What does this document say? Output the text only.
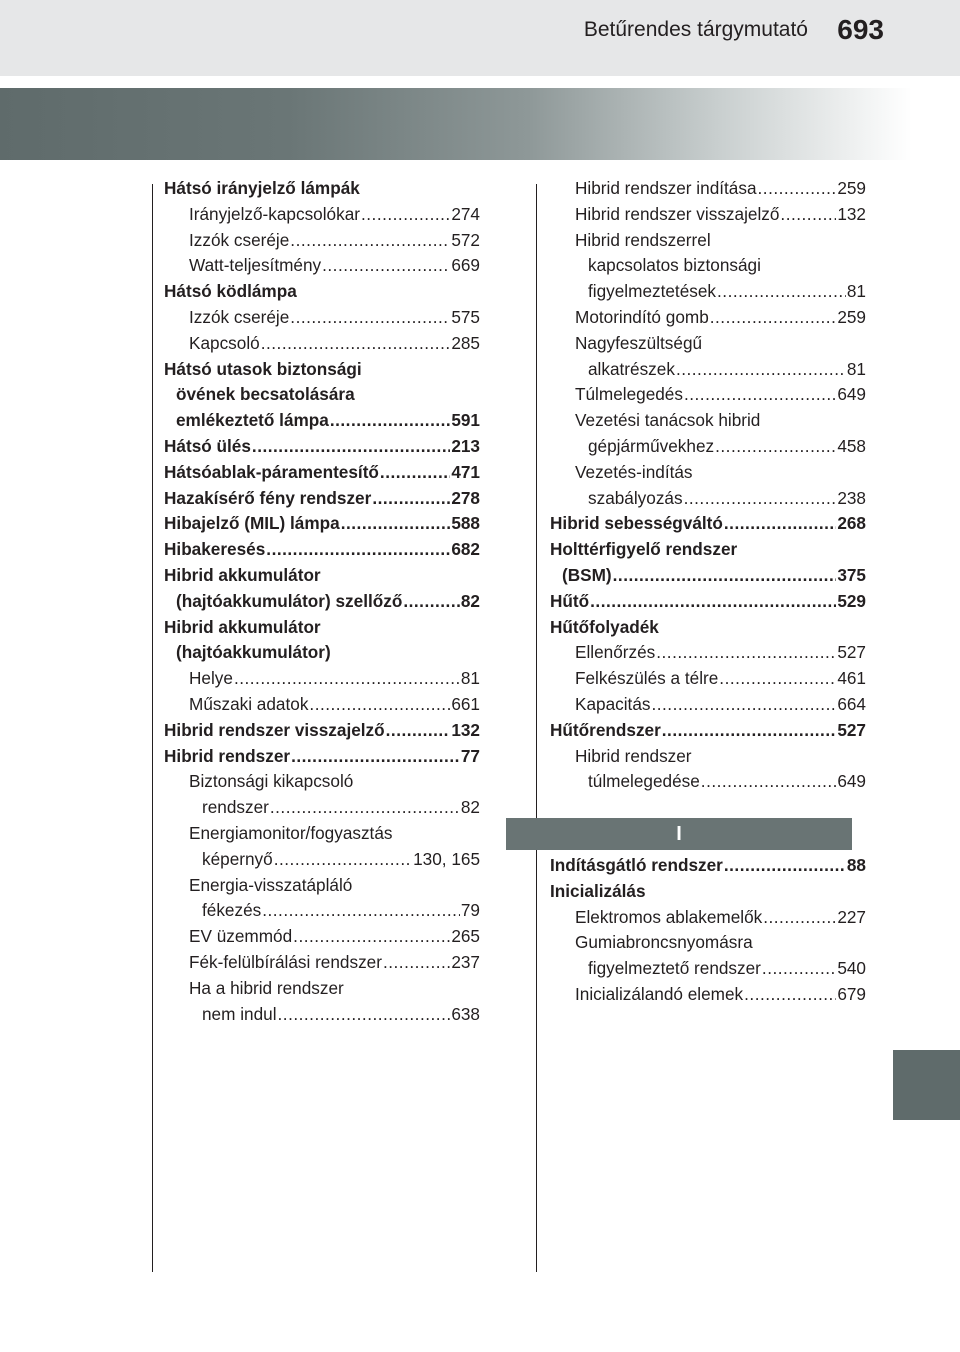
Betűrendes tárgymutató 693
Hátsó irányjelző lámpák
Irányjelző-kapcsolókar .....	274
Izzók cseréje .....	572
Watt-teljesítmény .....	669
Hátsó ködlámpa
Izzók cseréje .....	575
Kapcsoló .....	285
Hátsó utasok biztonsági
övének becsatolására
emlékeztető lámpa .....	591
Hátsó ülés .....	213
Hátsóablak-páramentesítő .....	471
Hazakísérő fény rendszer .....	278
Hibajelző (MIL) lámpa .....	588
Hibakeresés .....	682
Hibrid akkumulátor
(hajtóakkumulátor) szellőző .....	82
Hibrid akkumulátor
(hajtóakkumulátor)
Helye .....	81
Műszaki adatok .....	661
Hibrid rendszer visszajelző .....	132
Hibrid rendszer .....	77
Biztonsági kikapcsoló
rendszer .....	82
Energiamonitor/fogyasztás
képernyő .....	130, 165
Energia-visszatápláló
fékezés .....	79
EV üzemmód .....	265
Fék-felülbírálási rendszer .....	237
Ha a hibrid rendszer
nem indul .....	638
Hibrid rendszer indítása .....	259
Hibrid rendszer visszajelző .....	132
Hibrid rendszerrel
kapcsolatos biztonsági
figyelmeztetések .....	81
Motorindító gomb .....	259
Nagyfeszültségű
alkatrészek .....	81
Túlmelegedés .....	649
Vezetési tanácsok hibrid
gépjárművekhez .....	458
Vezetés-indítás
szabályozás .....	238
Hibrid sebességváltó .....	268
Holttérfigyelő rendszer
(BSM) .....	375
Hűtő .....	529
Hűtőfolyadék
Ellenőrzés .....	527
Felkészülés a télre .....	461
Kapacitás .....	664
Hűtőrendszer .....	527
Hibrid rendszer
túlmelegedése .....	649
I
Indításgátló rendszer .....	88
Inicializálás
Elektromos ablakemelők .....	227
Gumiabroncsnyomásra
figyelmeztető rendszer .....	540
Inicializálandó elemek .....	679
